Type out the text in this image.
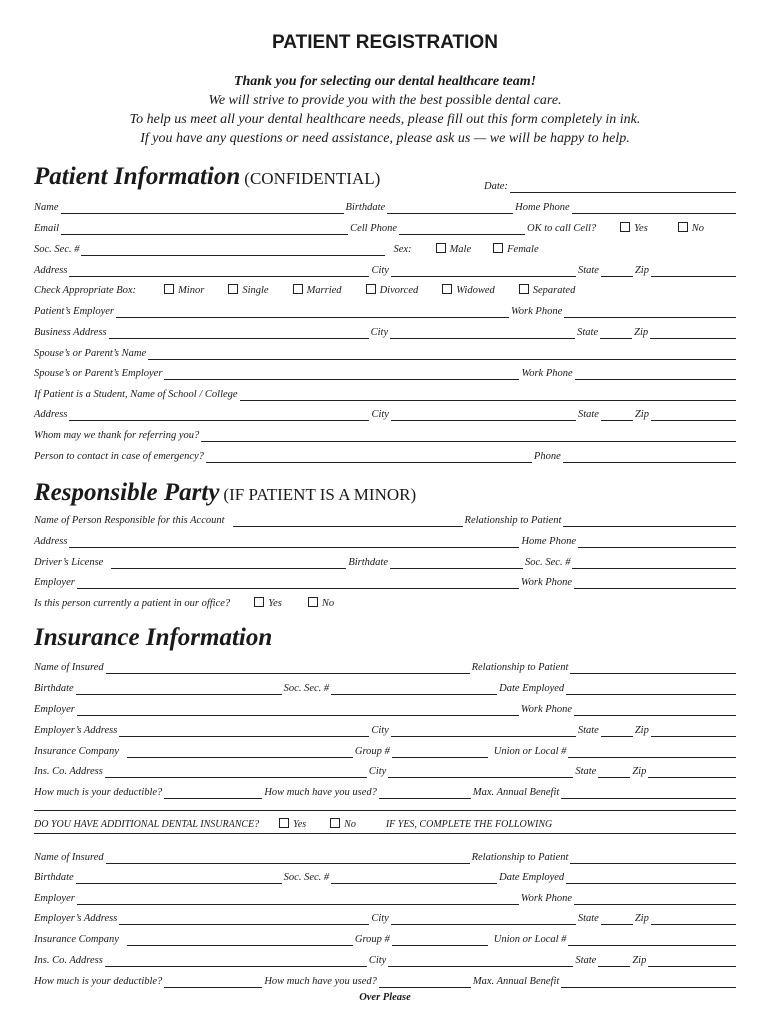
PATIENT REGISTRATION
Thank you for selecting our dental healthcare team!
We will strive to provide you with the best possible dental care.
To help us meet all your dental healthcare needs, please fill out this form completely in ink.
If you have any questions or need assistance, please ask us — we will be happy to help.
Patient Information (CONFIDENTIAL)	Date:
Name	Birthdate	Home Phone
Email	Cell Phone	OK to call Cell?	Yes	No
Soc. Sec. #	Sex:	Male	Female
Address	City	State	Zip
Check Appropriate Box:	Minor	Single	Married	Divorced	Widowed	Separated
Patient’s Employer	Work Phone
Business Address	City	State	Zip
Spouse’s or Parent’s Name
Spouse’s or Parent’s Employer	Work Phone
If Patient is a Student, Name of School / College
Address	City	State	Zip
Whom may we thank for referring you?
Person to contact in case of emergency?	Phone
Responsible Party (IF PATIENT IS A MINOR)
Name of Person Responsible for this Account	Relationship to Patient
Address	Home Phone
Driver’s License	Birthdate	Soc. Sec. #
Employer	Work Phone
Is this person currently a patient in our office?	Yes	No
Insurance Information
Name of Insured	Relationship to Patient
Birthdate	Soc. Sec. #	Date Employed
Employer	Work Phone
Employer’s Address	City	State	Zip
Insurance Company	Group #	Union or Local #
Ins. Co. Address	City	State	Zip
How much is your deductible?	How much have you used?	Max. Annual Benefit
DO YOU HAVE ADDITIONAL DENTAL INSURANCE?	Yes	No	IF YES, COMPLETE THE FOLLOWING
Name of Insured	Relationship to Patient
Birthdate	Soc. Sec. #	Date Employed
Employer	Work Phone
Employer’s Address	City	State	Zip
Insurance Company	Group #	Union or Local #
Ins. Co. Address	City	State	Zip
How much is your deductible?	How much have you used?	Max. Annual Benefit
Over Please
